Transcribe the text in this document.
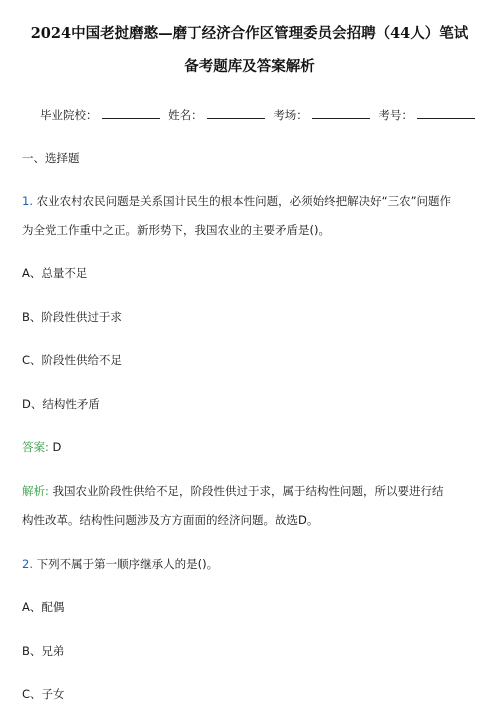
2024中国老挝磨憨—磨丁经济合作区管理委员会招聘（44人）笔试
备考题库及答案解析
毕业院校：	姓名：	考场：	考号：
一、选择题
1. 农业农村农民问题是关系国计民生的根本性问题，必须始终把解决好“三农”问题作
为全党工作重中之正。新形势下，我国农业的主要矛盾是()。
A、总量不足
B、阶段性供过于求
C、阶段性供给不足
D、结构性矛盾
答案: D
解析: 我国农业阶段性供给不足，阶段性供过于求，属于结构性问题，所以要进行结
构性改革。结构性问题涉及方方面面的经济问题。故选D。
2. 下列不属于第一顺序继承人的是()。
A、配偶
B、兄弟
C、子女
